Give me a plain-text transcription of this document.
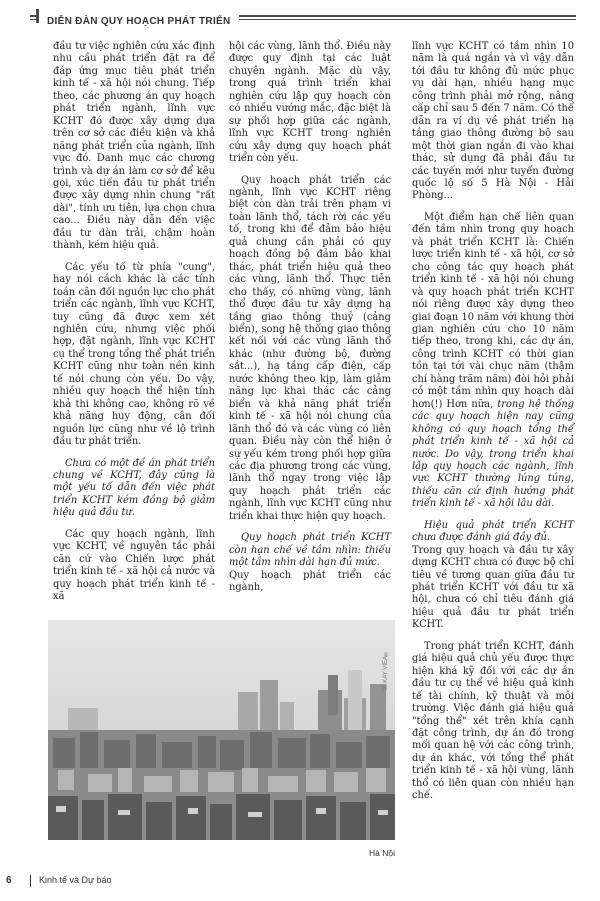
DIỄN ĐÀN QUY HOẠCH PHÁT TRIỂN

đầu tư việc nghiên cứu xác định nhu cầu phát triển đặt ra để đáp ứng mục tiêu phát triển kinh tế - xã hội nói chung. Tiếp theo, các phương án quy hoạch phát triển ngành, lĩnh vực KCHT đó được xây dựng dựa trên cơ sở các điều kiện và khả năng phát triển của ngành, lĩnh vực đó. Danh mục các chương trình và dự án làm cơ sở để kêu gọi, xúc tiến đầu tư phát triển được xây dựng nhìn chung "rất dài", tính ưu tiên, lựa chọn chưa cao... Điều này dẫn đến việc đầu tư dàn trải, chậm hoàn thành, kém hiệu quả.

Các yếu tố từ phía "cung", hay nói cách khác là các tính toán cân đối nguồn lực cho phát triển các ngành, lĩnh vực KCHT, tuy cũng đã được xem xét nghiên cứu, nhưng việc phối hợp, đặt ngành, lĩnh vực KCHT cụ thể trong tổng thể phát triển KCHT cũng như toàn nền kinh tế nói chung còn yếu. Do vậy, nhiều quy hoạch thể hiện tính khả thi không cao, không rõ về khả năng huy động, cân đối nguồn lực cũng như về lộ trình đầu tư phát triển.

Chưa có một đề án phát triển chung về KCHT, đây cũng là một yếu tố dẫn đến việc phát triển KCHT kém đồng bộ giảm hiệu quả đầu tư.

Các quy hoạch ngành, lĩnh vực KCHT, về nguyên tắc phải căn cứ vào Chiến lược phát triển kinh tế - xã hội cả nước và quy hoạch phát triển kinh tế - xã

hội các vùng, lãnh thổ. Điều này được quy định tại các luật chuyên ngành. Mặc dù vậy, trong quá trình triển khai nghiên cứu lập quy hoạch còn có nhiều vướng mắc, đặc biệt là sự phối hợp giữa các ngành, lĩnh vực KCHT trong nghiên cứu xây dựng quy hoạch phát triển còn yếu.

Quy hoạch phát triển các ngành, lĩnh vực KCHT riêng biệt còn dàn trải trên phạm vi toàn lãnh thổ, tách rời các yếu tố, trong khi để đảm bảo hiệu quả chung cần phải có quy hoạch đồng bộ đảm bảo khai thác, phát triển hiệu quả theo các vùng, lãnh thổ. Thực tiễn cho thấy, có những vùng, lãnh thổ được đầu tư xây dựng hạ tầng giao thông thuỷ (cảng biển), song hệ thống giao thông kết nối với các vùng lãnh thổ khác (như đường bộ, đường sắt...), hạ tầng cấp điện, cấp nước không theo kịp, làm giảm năng lực khai thác các cảng biển và khả năng phát triển kinh tế - xã hội nói chung của lãnh thổ đó và các vùng có liên quan. Điều này còn thể hiện ở sự yếu kém trong phối hợp giữa các địa phương trong các vùng, lãnh thổ ngay trong việc lập quy hoạch phát triển các ngành, lĩnh vực KCHT cũng như triển khai thực hiện quy hoạch.

Quy hoạch phát triển KCHT còn hạn chế về tầm nhìn: thiếu một tầm nhìn dài hạn đủ mức.

Quy hoạch phát triển các ngành,

lĩnh vực KCHT có tầm nhìn 10 năm là quá ngắn và vì vậy dẫn tới đầu tư không đủ mức phục vụ dài hạn, nhiều hạng mục công trình phải mở rộng, nâng cấp chỉ sau 5 đến 7 năm. Có thể dẫn ra ví dụ về phát triển hạ tầng giao thông đường bộ sau một thời gian ngắn đi vào khai thác, sử dụng đã phải đầu tư các tuyến mới như tuyến đường quốc lộ số 5 Hà Nội - Hải Phòng...

Một điểm hạn chế liên quan đến tầm nhìn trong quy hoạch và phát triển KCHT là: Chiến lược triển kinh tế - xã hội, cơ sở cho công tác quy hoạch phát triển kinh tế - xã hội nói chung và quy hoạch phát triển KCHT nói riêng được xây dựng theo giai đoạn 10 năm với khung thời gian nghiên cứu cho 10 năm tiếp theo, trong khi, các dự án, công trình KCHT có thời gian tồn tại tới vài chục năm (thậm chí hàng trăm năm) đòi hỏi phải có một tầm nhìn quy hoạch dài hơn(!) Hơn nữa, trong hệ thống các quy hoạch hiện nay cũng không có quy hoạch tổng thể phát triển kinh tế - xã hội cả nước. Do vậy, trong triển khai lập quy hoạch các ngành, lĩnh vực KCHT thường lúng túng, thiếu căn cứ định hướng phát triển kinh tế - xã hội lâu dài.

Hiệu quả phát triển KCHT chưa được đánh giá đầy đủ.

Trong quy hoạch và đầu tư xây dựng KCHT chưa có được bộ chỉ tiêu về tương quan giữa đầu tư phát triển KCHT với đầu tư xã hội, chưa có chỉ tiêu đánh giá hiệu quả đầu tư phát triển KCHT.

Trong phát triển KCHT, đánh giá hiệu quả chủ yếu được thực hiện khá kỹ đối với các dự án đầu tư cụ thể về hiệu quả kinh tế tài chính, kỹ thuật và môi trường. Việc đánh giá hiệu quả "tổng thể" xét trên khía cạnh đặt công trình, dự án đó trong mối quan hệ với các công trình, dự án khác, với tổng thể phát triển kinh tế - xã hội vùng, lãnh thổ có liên quan còn nhiều hạn chế.

Mi KAY VIẾA®
Hà Nội
6	Kinh tế và Dự báo
